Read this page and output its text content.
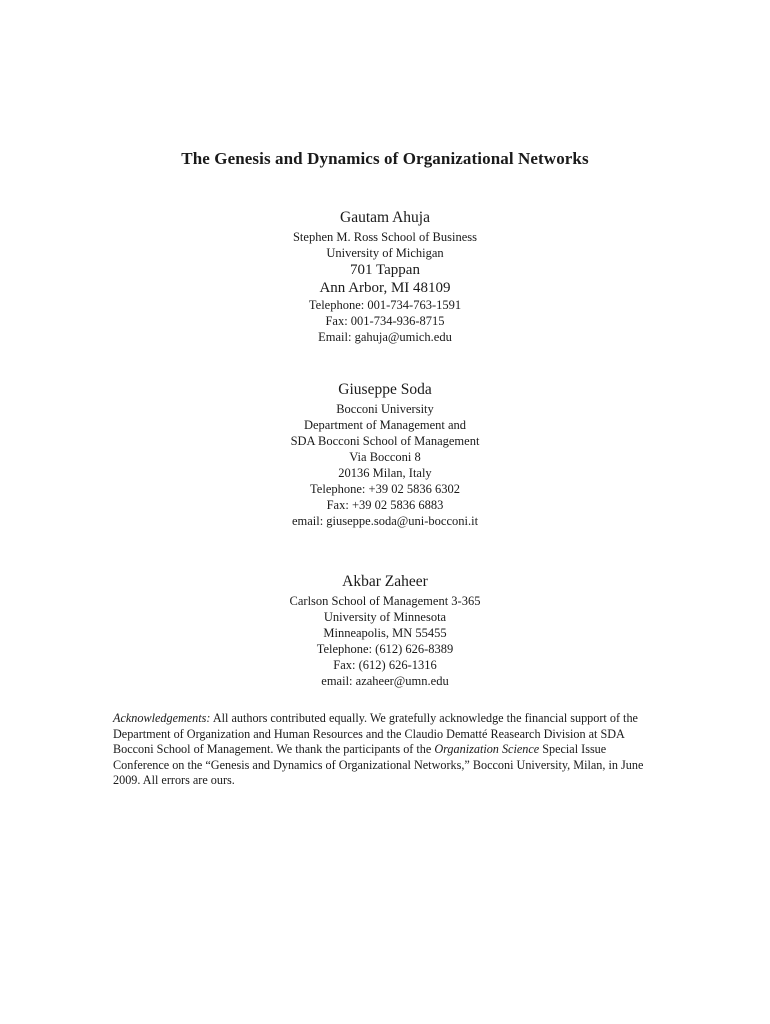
The Genesis and Dynamics of Organizational Networks
Gautam Ahuja
Stephen M. Ross School of Business
University of Michigan
701 Tappan
Ann Arbor, MI 48109
Telephone: 001-734-763-1591
Fax: 001-734-936-8715
Email: gahuja@umich.edu
Giuseppe Soda
Bocconi University
Department of Management and
SDA Bocconi School of Management
Via Bocconi 8
20136 Milan, Italy
Telephone: +39 02 5836 6302
Fax: +39 02 5836 6883
email: giuseppe.soda@uni-bocconi.it
Akbar Zaheer
Carlson School of Management 3-365
University of Minnesota
Minneapolis, MN 55455
Telephone: (612) 626-8389
Fax: (612) 626-1316
email: azaheer@umn.edu
Acknowledgements: All authors contributed equally. We gratefully acknowledge the financial support of the Department of Organization and Human Resources and the Claudio Dematté Reasearch Division at SDA Bocconi School of Management. We thank the participants of the Organization Science Special Issue Conference on the “Genesis and Dynamics of Organizational Networks,” Bocconi University, Milan, in June 2009. All errors are ours.
